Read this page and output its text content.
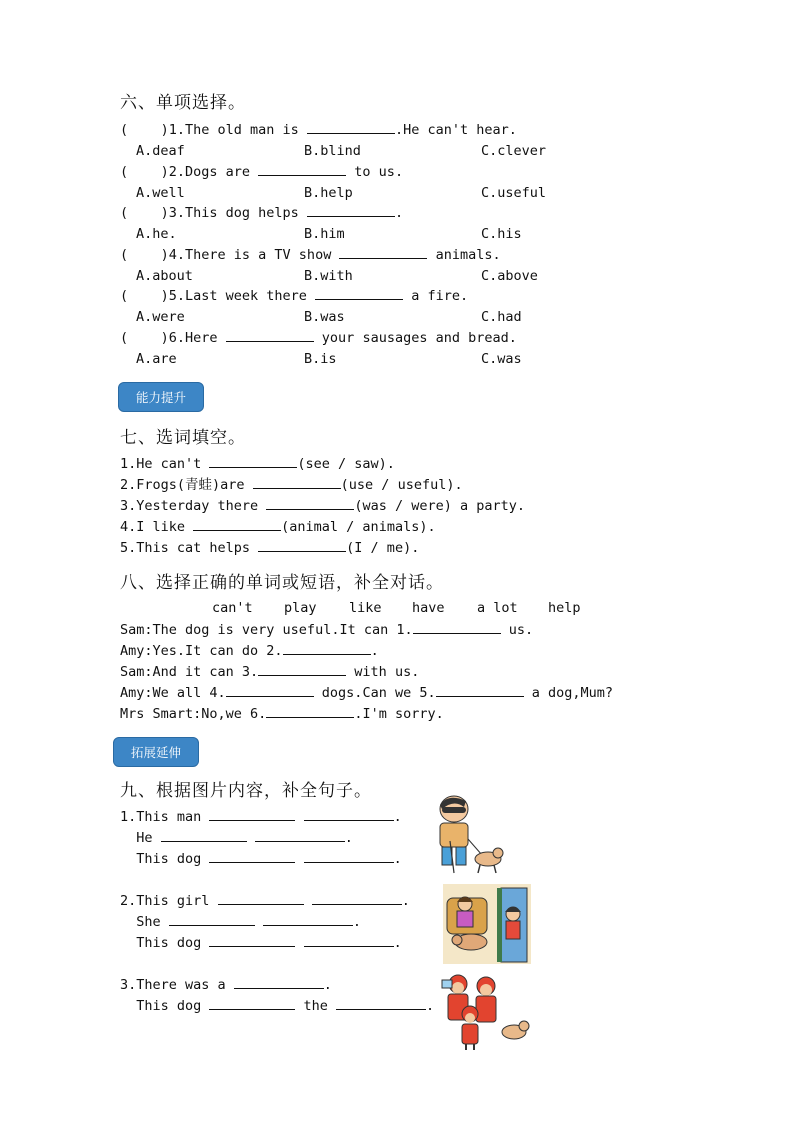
六、单项选择。
(    )1.The old man is	.He can't hear.
A.deaf	B.blind	C.clever
(    )2.Dogs are	to us.
A.well	B.help	C.useful
(    )3.This dog helps	.
A.he.	B.him	C.his
(    )4.There is a TV show	animals.
A.about	B.with	C.above
(    )5.Last week there	a fire.
A.were	B.was	C.had
(    )6.Here	your sausages and bread.
A.are	B.is	C.was
能力提升
七、选词填空。
1.He can't	(see / saw).
2.Frogs(青蛙)are	(use / useful).
3.Yesterday there	(was / were) a party.
4.I like	(animal / animals).
5.This cat helps	(I / me).
八、选择正确的单词或短语，补全对话。
can't play like have a lot help
Sam:The dog is very useful.It can 1.	us.
Amy:Yes.It can do 2.	.
Sam:And it can 3.	with us.
Amy:We all 4.	dogs.Can we 5.	a dog,Mum?
Mrs Smart:No,we 6.	.I'm sorry.
拓展延伸
九、根据图片内容，补全句子。
1.This man	.
He	.
This dog	.
2.This girl	.
She	.
This dog	.
3.There was a	.
This dog	the	.
